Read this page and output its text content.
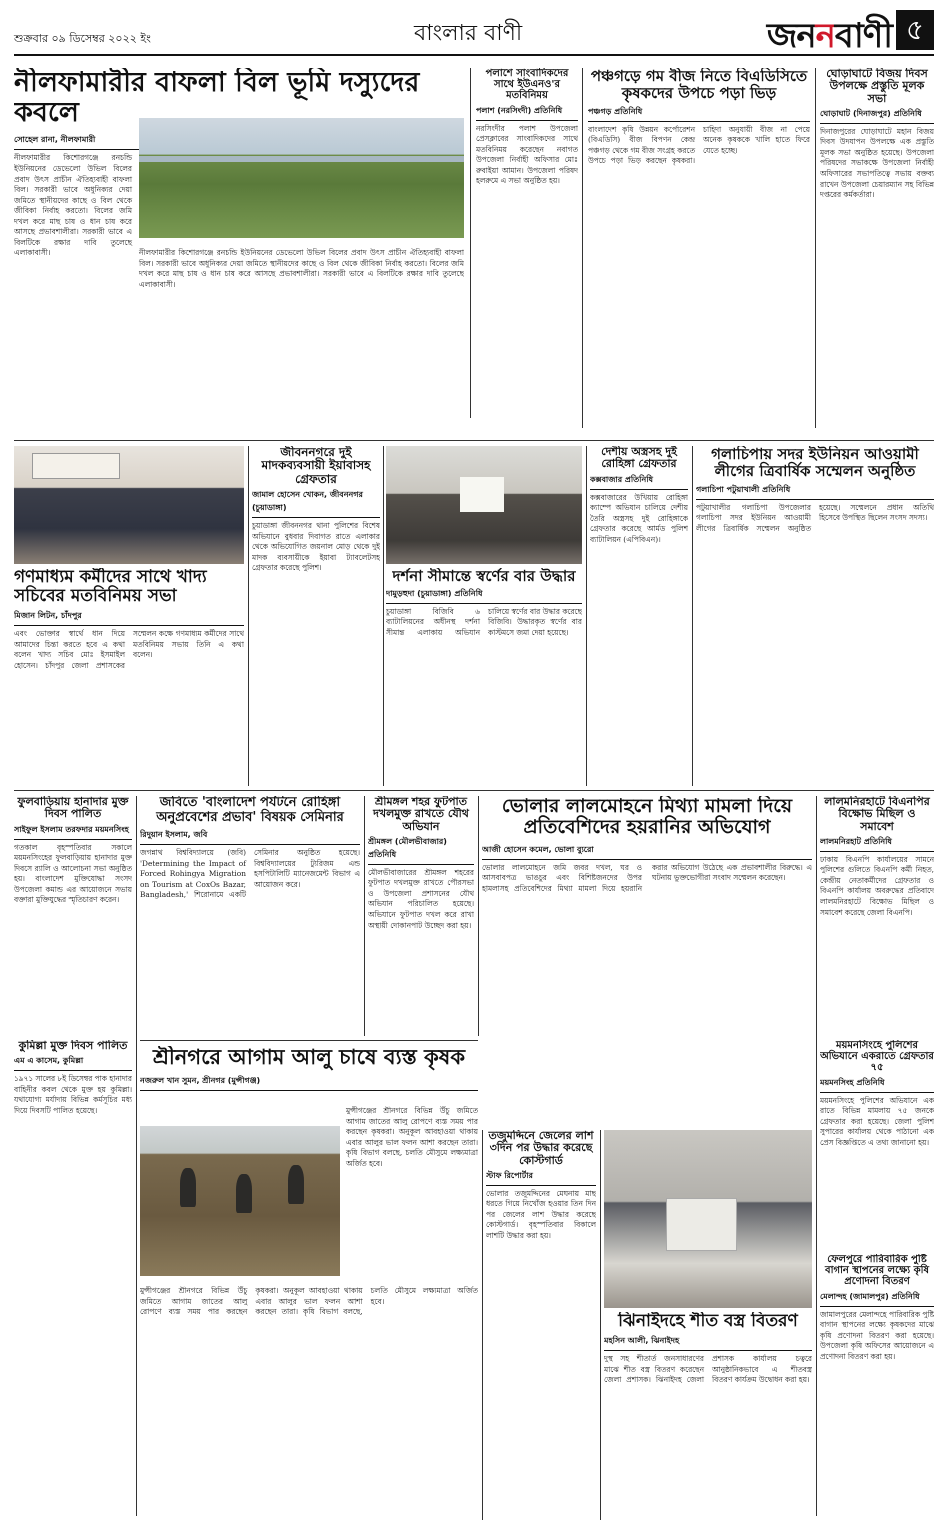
শুক্রবার ০৯ ডিসেম্বর ২০২২ ইং	বাংলার বাণী	জননবাণী ৫
নীলফামারীর বাফলা বিল ভূমি দস্যুদের কবলে
সোহেল রানা, নীলফামারী

নীলফামারীর কিশোরগঞ্জে রনচন্ডি ইউনিয়নের ডেভেলো উভিল বিলের প্রবাদ উৎস প্রাচীন ঐতিহ্যবাহী বাফলা বিল। সরকারী ভাবে অধুনিক্যর দেয়া জমিতে স্থানীয়দের কাছে ও বিল থেকে জীবিকা নির্বাহ করতো। বিলের জমি দখল করে মাছ চাষ ও ধান চাষ করে আসছে প্রভাবশালীরা। সরকারী ভাবে এ বিলটিকে রক্ষার দাবি তুলেছে এলাকাবাসী।	নীলফামারীর কিশোরগঞ্জে রনচন্ডি ইউনিয়নের ডেভেলো উভিল বিলের প্রবাদ উৎস প্রাচীন ঐতিহ্যবাহী বাফলা বিল। সরকারী ভাবে অধুনিক্যর দেয়া জমিতে স্থানীয়দের কাছে ও বিল থেকে জীবিকা নির্বাহ করতো। বিলের জমি দখল করে মাছ চাষ ও ধান চাষ করে আসছে প্রভাবশালীরা। সরকারী ভাবে এ বিলটিকে রক্ষার দাবি তুলেছে এলাকাবাসী।

পলাশে সাংবাদিকদের সাথে ইউএনও'র মতবিনিময়
পলাশ (নরসিংদী) প্রতিনিধি

নরসিংদীর পলাশ উপজেলা প্রেসক্লাবের সাংবাদিকদের সাথে মতবিনিময় করেছেন নবাগত উপজেলা নির্বাহী অফিসার মোঃ রুবাইয়া আমান। উপজেলা পরিষদ হলরুমে এ সভা অনুষ্ঠিত হয়।

পঞ্চগড়ে গম বীজ নিতে বিএডিসিতে কৃষকদের উপচে পড়া ভিড়
পঞ্চগড় প্রতিনিধি

বাংলাদেশ কৃষি উন্নয়ন কর্পোরেশন (বিএডিসি) বীজ বিপণন কেন্দ্র পঞ্চগড় থেকে গম বীজ সংগ্রহ করতে উপচে পড়া ভিড় করছেন কৃষকরা। চাহিদা অনুযায়ী বীজ না পেয়ে অনেক কৃষককে খালি হাতে ফিরে যেতে হচ্ছে।

ঘোড়াঘাটে বিজয় দিবস উপলক্ষে প্রস্তুতি মূলক সভা
ঘোড়াঘাট (দিনাজপুর) প্রতিনিধি

দিনাজপুরের ঘোড়াঘাটে মহান বিজয় দিবস উদযাপন উপলক্ষে এক প্রস্তুতি মূলক সভা অনুষ্ঠিত হয়েছে। উপজেলা পরিষদের সভাকক্ষে উপজেলা নির্বাহী অফিসারের সভাপতিত্বে সভায় বক্তব্য রাখেন উপজেলা চেয়ারম্যান সহ বিভিন্ন দপ্তরের কর্মকর্তারা।

গণমাধ্যম কর্মীদের সাথে খাদ্য সচিবের মতবিনিময় সভা
মিজান লিটন, চাঁদপুর

এবং ভোক্তার স্বার্থে ধান দিয়ে আমাদের চিন্তা করতে হবে এ কথা বলেন খাদ্য সচিব মোঃ ইসমাইল হোসেন। চাঁদপুর জেলা প্রশাসকের সম্মেলন কক্ষে গণমাধ্যম কর্মীদের সাথে মতবিনিময় সভায় তিনি এ কথা বলেন।

জীবননগরে দুই মাদকব্যবসায়ী ইয়াবাসহ গ্রেফতার
জামাল হোসেন খোকন, জীবননগর (চুয়াডাঙ্গা)

চুয়াডাঙ্গা জীবননগর থানা পুলিশের বিশেষ অভিযানে বুধবার দিবাগত রাতে এলাকার থেকে অভিযোগিত জয়নাল মোড় থেকে দুই মাদক ব্যবসায়ীকে ইয়াবা ট্যাবলেটসহ গ্রেফতার করেছে পুলিশ।	দর্শনা সীমান্তে স্বর্ণের বার উদ্ধার
দামুড়হুদা (চুয়াডাঙ্গা) প্রতিনিধি

চুয়াডাঙ্গা বিজিবি ৬ ব্যাটালিয়নের অধীনস্থ দর্শনা সীমান্ত এলাকায় অভিযান চালিয়ে স্বর্ণের বার উদ্ধার করেছে বিজিবি। উদ্ধারকৃত স্বর্ণের বার কাস্টমসে জমা দেয়া হয়েছে।

দেশীয় অস্ত্রসহ দুই রোহিঙ্গা গ্রেফতার
কক্সবাজার প্রতিনিধি

কক্সবাজারের উখিয়ায় রোহিঙ্গা ক্যাম্পে অভিযান চালিয়ে দেশীয় তৈরি অস্ত্রসহ দুই রোহিঙ্গাকে গ্রেফতার করেছে আর্মড পুলিশ ব্যাটালিয়ন (এপিবিএন)।

গলাচিপায় সদর ইউনিয়ন আওয়ামী লীগের ত্রিবার্ষিক সম্মেলন অনুষ্ঠিত
গলাচিপা পটুয়াখালী প্রতিনিধি

পটুয়াখালীর গলাচিপা উপজেলার গলাচিপা সদর ইউনিয়ন আওয়ামী লীগের ত্রিবার্ষিক সম্মেলন অনুষ্ঠিত হয়েছে। সম্মেলনে প্রধান অতিথি হিসেবে উপস্থিত ছিলেন সংসদ সদস্য।

ফুলবাড়িয়ায় হানাদার মুক্ত দিবস পালিত
সাইফুল ইসলাম তরফদার ময়মনসিংহ

গতকাল বৃহস্পতিবার সকালে ময়মনসিংহের ফুলবাড়িয়ায় হানাদার মুক্ত দিবসে র‍্যালি ও আলোচনা সভা অনুষ্ঠিত হয়। বাংলাদেশ মুক্তিযোদ্ধা সংসদ উপজেলা কমান্ড এর আয়োজনে সভায় বক্তারা মুক্তিযুদ্ধের স্মৃতিচারণ করেন।

কুমিল্লা মুক্ত দিবস পালিত
এম এ কাসেম, কুমিল্লা

১৯৭১ সালের ৮ই ডিসেম্বর পাক হানাদার বাহিনীর কবল থেকে মুক্ত হয় কুমিল্লা। যথাযোগ্য মর্যাদায় বিভিন্ন কর্মসূচির মধ্য দিয়ে দিবসটি পালিত হয়েছে।

জবিতে 'বাংলাদেশ পর্যটনে রোহিঙ্গা অনুপ্রবেশের প্রভাব' বিষয়ক সেমিনার
রিদুয়ান ইসলাম, জবি

জগন্নাথ বিশ্ববিদ্যালয়ে (জবি) 'Determining the Impact of Forced Rohingya Migration on Tourism at CoxOs Bazar, Bangladesh,' শিরোনামে একটি সেমিনার অনুষ্ঠিত হয়েছে। বিশ্ববিদ্যালয়ের ট্যুরিজম এন্ড হসপিটালিটি ম্যানেজমেন্ট বিভাগ এ আয়োজন করে।

শ্রীমঙ্গল শহর ফুটপাত দখলমুক্ত রাখতে যৌথ অভিযান
শ্রীমঙ্গল (মৌলভীবাজার) প্রতিনিধি

মৌলভীবাজারের শ্রীমঙ্গল শহরের ফুটপাত দখলমুক্ত রাখতে পৌরসভা ও উপজেলা প্রশাসনের যৌথ অভিযান পরিচালিত হয়েছে। অভিযানে ফুটপাত দখল করে রাখা অস্থায়ী দোকানপাট উচ্ছেদ করা হয়।

ভোলার লালমোহনে মিথ্যা মামলা দিয়ে প্রতিবেশিদের হয়রানির অভিযোগ
আজী হোসেন কমেল, ভোলা ব্যুরো

ভোলার লালমোহনে জমি জবর দখল, ঘর ও আসবাবপত্র ভাঙচুর এবং বিশিষ্টজনদের উপর হামলাসহ প্রতিবেশিদের মিথ্যা মামলা দিয়ে হয়রানি করার অভিযোগ উঠেছে এক প্রভাবশালীর বিরুদ্ধে। এ ঘটনায় ভুক্তভোগীরা সংবাদ সম্মেলন করেছেন।

লালমনিরহাটে বিএনপির বিক্ষোভ মিছিল ও সমাবেশ
লালমনিরহাট প্রতিনিধি

ঢাকায় বিএনপি কার্যালয়ের সামনে পুলিশের গুলিতে বিএনপি কর্মী নিহত, কেন্দ্রীয় নেতাকর্মীদের গ্রেফতার ও বিএনপি কার্যালয় অবরুদ্ধের প্রতিবাদে লালমনিরহাটে বিক্ষোভ মিছিল ও সমাবেশ করেছে জেলা বিএনপি।

ময়মনসিংহে পুলিশের অভিযানে একরাতে গ্রেফতার ৭৫
ময়মনসিংহ প্রতিনিধি

ময়মনসিংহে পুলিশের অভিযানে এক রাতে বিভিন্ন মামলায় ৭৫ জনকে গ্রেফতার করা হয়েছে। জেলা পুলিশ সুপারের কার্যালয় থেকে পাঠানো এক প্রেস বিজ্ঞপ্তিতে এ তথ্য জানানো হয়।

ফেলপুরে পারিবারিক পুষ্টি বাগান স্থাপনের লক্ষ্যে কৃষি প্রণোদনা বিতরণ
মেলান্দহ (জামালপুর) প্রতিনিধি

জামালপুরের মেলান্দহে পারিবারিক পুষ্টি বাগান স্থাপনের লক্ষ্যে কৃষকদের মাঝে কৃষি প্রণোদনা বিতরণ করা হয়েছে। উপজেলা কৃষি অফিসের আয়োজনে এ প্রণোদনা বিতরণ করা হয়।

শ্রীনগরে আগাম আলু চাষে ব্যস্ত কৃষক
নজরুল খান সুমন, শ্রীনগর (মুন্সীগঞ্জ)

মুন্সীগঞ্জের শ্রীনগরে বিভিন্ন উঁচু জমিতে আগাম জাতের আলু রোপণে ব্যস্ত সময় পার করছেন কৃষকরা। অনুকূল আবহাওয়া থাকায় এবার আলুর ভাল ফলন আশা করছেন তারা। কৃষি বিভাগ বলছে, চলতি মৌসুমে লক্ষ্যমাত্রা অর্জিত হবে।

মুন্সীগঞ্জের শ্রীনগরে বিভিন্ন উঁচু জমিতে আগাম জাতের আলু রোপণে ব্যস্ত সময় পার করছেন কৃষকরা। অনুকূল আবহাওয়া থাকায় এবার আলুর ভাল ফলন আশা করছেন তারা। কৃষি বিভাগ বলছে, চলতি মৌসুমে লক্ষ্যমাত্রা অর্জিত হবে।

তজুমদ্দিনে জেলের লাশ ৩দিন পর উদ্ধার করেছে কোস্টগার্ড
স্টাফ রিপোর্টার

ভোলার তজুমদ্দিনের মেঘনায় মাছ ধরতে গিয়ে নিখোঁজ হওয়ার তিন দিন পর জেলের লাশ উদ্ধার করেছে কোস্টগার্ড। বৃহস্পতিবার বিকালে লাশটি উদ্ধার করা হয়।

ঝিনাইদহে শীত বস্ত্র বিতরণ
মহসিন আলী, ঝিনাইদহ

দুস্থ সহ শীতার্ত জনসাধারণের মাঝে শীত বস্ত্র বিতরণ করেছেন জেলা প্রশাসক। ঝিনাইদহ জেলা প্রশাসক কার্যালয় চত্বরে আনুষ্ঠানিকভাবে এ শীতবস্ত্র বিতরণ কার্যক্রম উদ্বোধন করা হয়।
